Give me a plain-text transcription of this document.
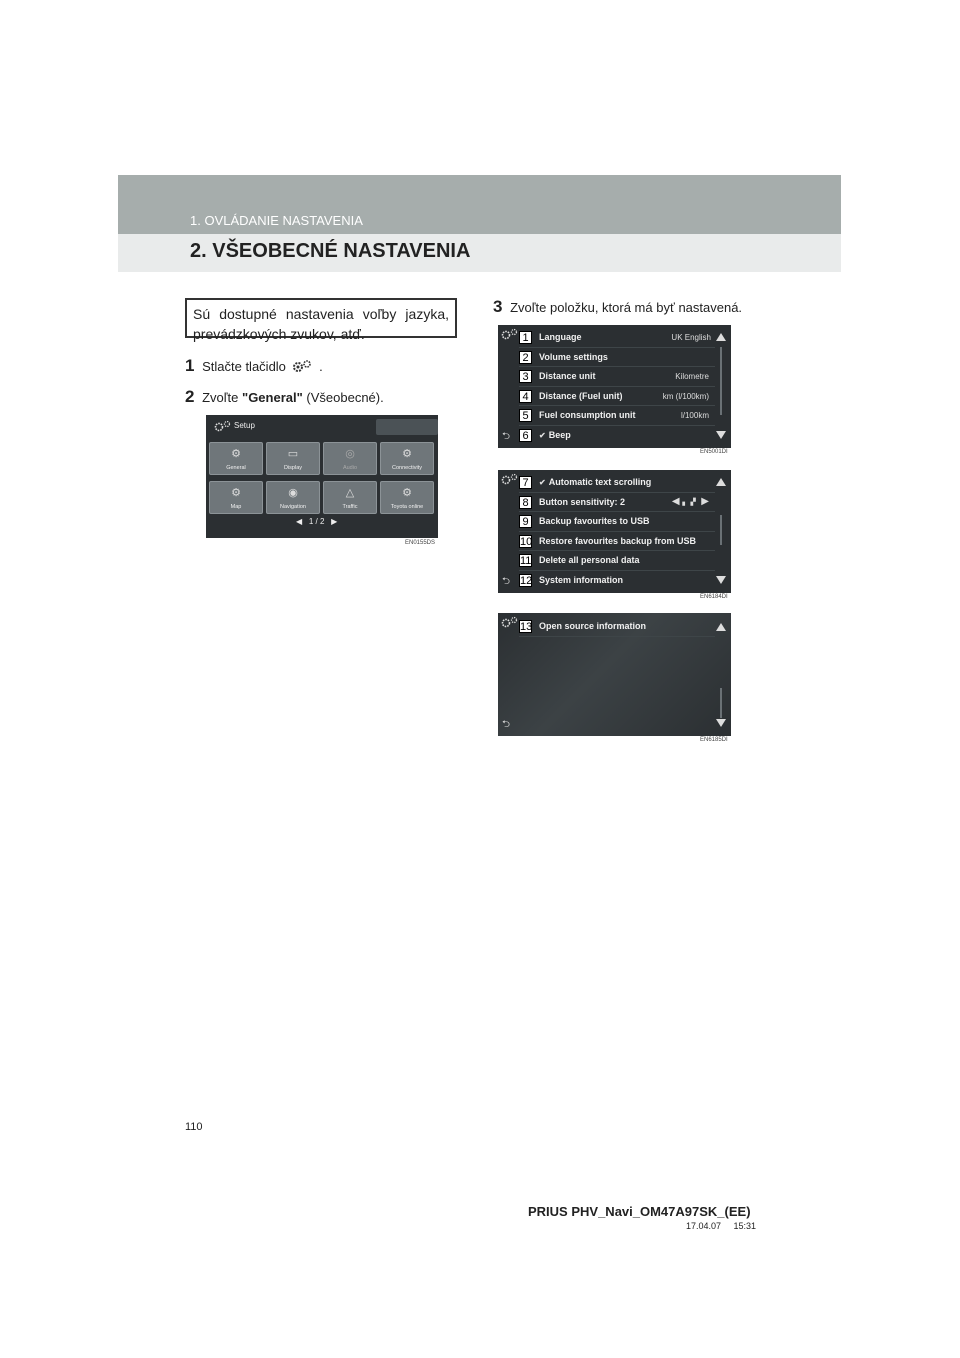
1. OVLÁDANIE NASTAVENIA
2. VŠEOBECNÉ NASTAVENIA
Sú dostupné nastavenia voľby jazyka,
prevádzkových zvukov, atď.
1 Stlačte tlačidlo	.
2 Zvoľte "General" (Všeobecné).
3 Zvoľte položku, ktorá má byť nastavená.
Setup
⚙
General
▭
Display
◎
Audio
⚙
Connectivity
⚙
Map
◉
Navigation
△
Traffic
⚙
Toyota online
◀ 1 / 2 ▶
EN0155DS
1	Language	UK English
2	Volume settings
3	Distance unit	Kilometre
4	Distance (Fuel unit)	km (l/100km)
5	Fuel consumption unit	l/100km
6	✔ Beep
⮌
EN5001DI
7	✔ Automatic text scrolling
8	Button sensitivity: 2	◀ ▖▗▘ ▶
9	Backup favourites to USB
10 Restore favourites backup from USB
11 Delete all personal data
12 System information
⮌
EN6184DI
13 Open source information
⮌
EN6185DI
110
PRIUS PHV_Navi_OM47A97SK_(EE)
17.04.07     15:31
